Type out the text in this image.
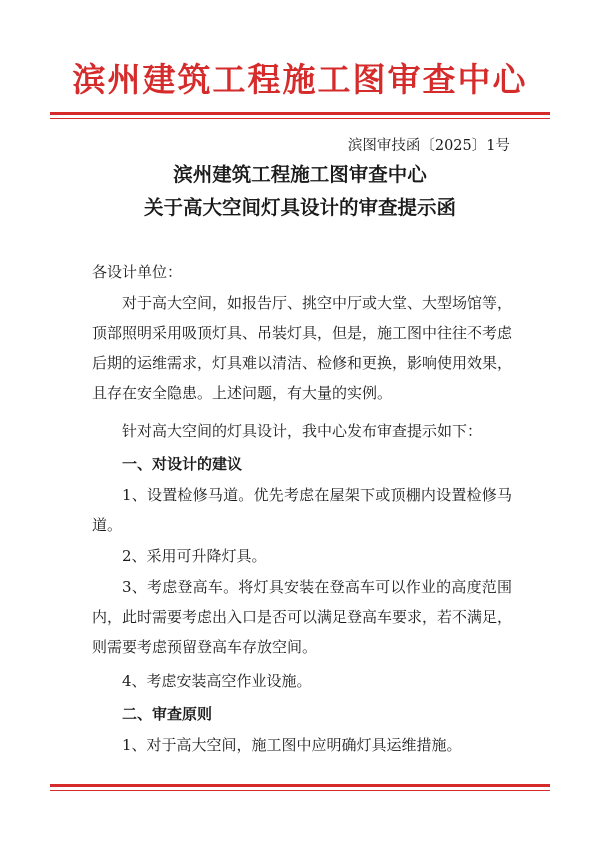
滨州建筑工程施工图审查中心
滨图审技函〔2025〕1号
滨州建筑工程施工图审查中心
关于高大空间灯具设计的审查提示函
各设计单位：
对于高大空间，如报告厅、挑空中厅或大堂、大型场馆等，顶部照明采用吸顶灯具、吊装灯具，但是，施工图中往往不考虑后期的运维需求，灯具难以清洁、检修和更换，影响使用效果，且存在安全隐患。上述问题，有大量的实例。
针对高大空间的灯具设计，我中心发布审查提示如下：
一、对设计的建议
1、设置检修马道。优先考虑在屋架下或顶棚内设置检修马道。
2、采用可升降灯具。
3、考虑登高车。将灯具安装在登高车可以作业的高度范围内，此时需要考虑出入口是否可以满足登高车要求，若不满足，则需要考虑预留登高车存放空间。
4、考虑安装高空作业设施。
二、审查原则
1、对于高大空间，施工图中应明确灯具运维措施。
